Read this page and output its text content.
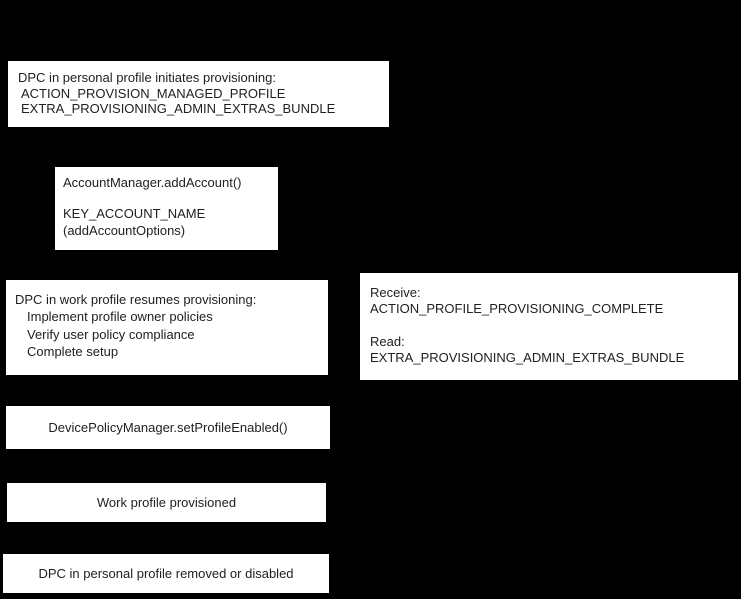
DPC in personal profile initiates provisioning:
ACTION_PROVISION_MANAGED_PROFILE
EXTRA_PROVISIONING_ADMIN_EXTRAS_BUNDLE
AccountManager.addAccount()
KEY_ACCOUNT_NAME
(addAccountOptions)
DPC in work profile resumes provisioning:
Implement profile owner policies
Verify user policy compliance
Complete setup
Receive:
ACTION_PROFILE_PROVISIONING_COMPLETE
Read:
EXTRA_PROVISIONING_ADMIN_EXTRAS_BUNDLE
DevicePolicyManager.setProfileEnabled()
Work profile provisioned
DPC in personal profile removed or disabled
